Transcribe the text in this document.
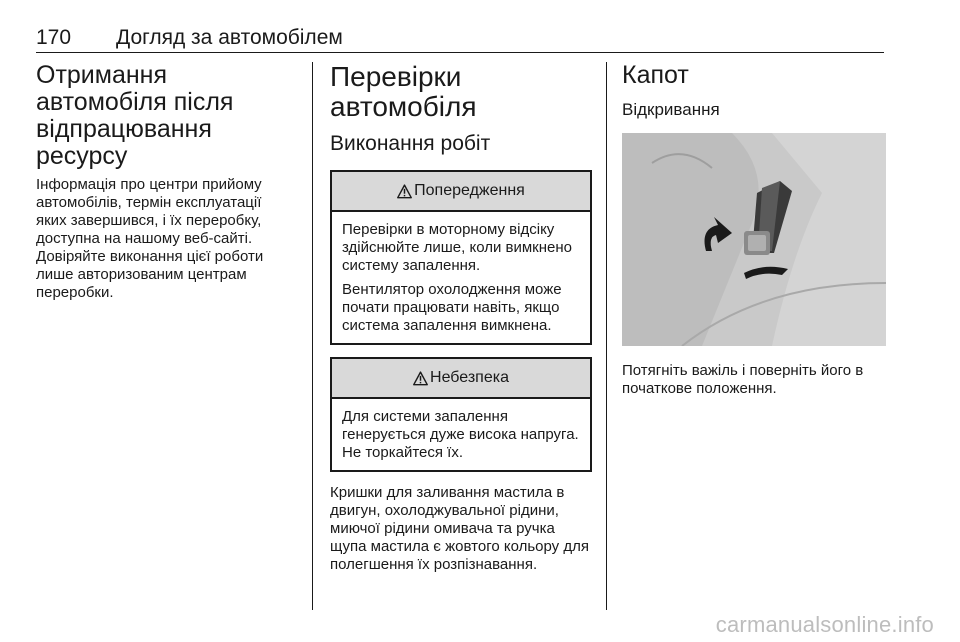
170 Догляд за автомобілем
Отримання автомобіля після відпрацювання ресурсу

Інформація про центри прийому автомобілів, термін експлуатації яких завершився, і їх переробку, доступна на нашому веб-сайті. Довіряйте виконання цієї роботи лише авторизованим центрам переробки.

Перевірки автомобіля
Виконання робіт
Попередження

Перевірки в моторному відсіку здійснюйте лише, коли вимкнено систему запалення.

Вентилятор охолодження може почати працювати навіть, якщо система запалення вимкнена.

Небезпека

Для системи запалення генерується дуже висока напруга. Не торкайтеся їх.

Кришки для заливання мастила в двигун, охолоджувальної рідини, миючої рідини омивача та ручка щупа мастила є жовтого кольору для полегшення їх розпізнавання.

Капот
Відкривання

Потягніть важіль і поверніть його в початкове положення.

carmanualsonline.info
